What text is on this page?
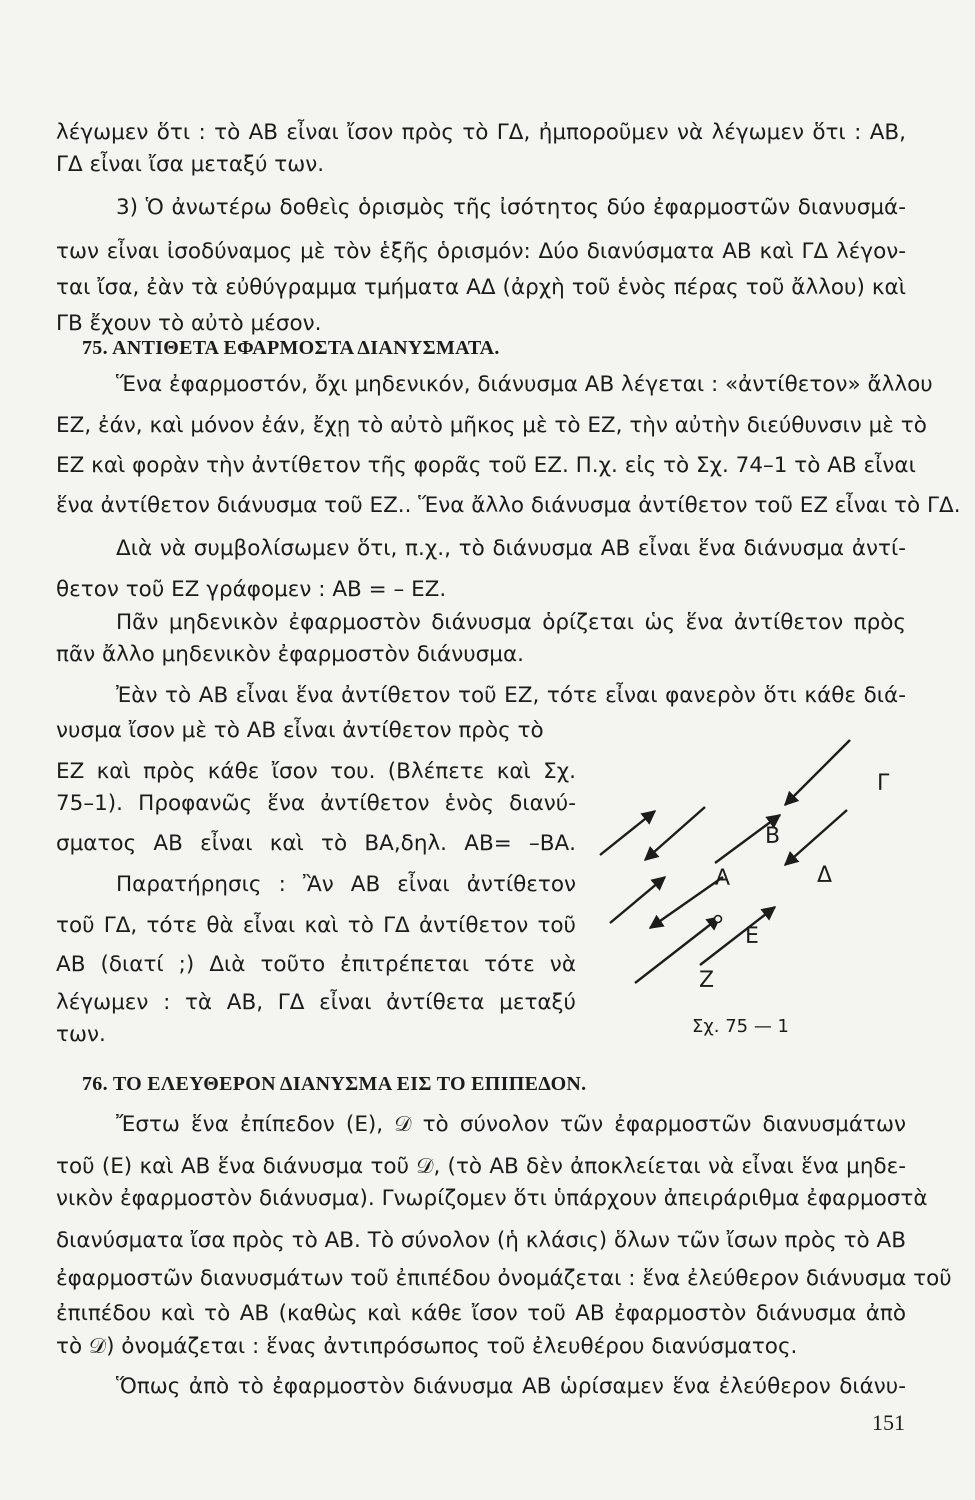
λέγωμεν ὅτι : τὸ ΑΒ εἶναι ἴσον πρὸς τὸ ΓΔ, ἠμποροῦμεν νὰ λέγωμεν ὅτι : ΑΒ,
ΓΔ εἶναι ἴσα μεταξύ των.
3) Ὁ ἀνωτέρω δοθεὶς ὁρισμὸς τῆς ἰσότητος δύο ἐφαρμοστῶν διανυσμά-
των εἶναι ἰσοδύναμος μὲ τὸν ἑξῆς ὁρισμόν: Δύο διανύσματα ΑΒ καὶ ΓΔ λέγον-
ται ἴσα, ἐὰν τὰ εὐθύγραμμα τμήματα ΑΔ (ἀρχὴ τοῦ ἑνὸς πέρας τοῦ ἄλλου) καὶ
ΓΒ ἔχουν τὸ αὐτὸ μέσον.
75. ΑΝΤΙΘΕΤΑ ΕΦΑΡΜΟΣΤΑ ΔΙΑΝΥΣΜΑΤΑ.
Ἕνα ἐφαρμοστόν, ὄχι μηδενικόν, διάνυσμα ΑΒ λέγεται : «ἀντίθετον» ἄλλου
ΕΖ, ἐάν, καὶ μόνον ἐάν, ἔχῃ τὸ αὐτὸ μῆκος μὲ τὸ ΕΖ, τὴν αὐτὴν διεύθυνσιν μὲ τὸ
ΕΖ καὶ φορὰν τὴν ἀντίθετον τῆς φορᾶς τοῦ ΕΖ. Π.χ. εἰς τὸ Σχ. 74–1 τὸ ΑΒ εἶναι
ἕνα ἀντίθετον διάνυσμα τοῦ ΕΖ.. Ἕνα ἄλλο διάνυσμα ἀντίθετον τοῦ ΕΖ εἶναι τὸ ΓΔ.
Διὰ νὰ συμβολίσωμεν ὅτι, π.χ., τὸ διάνυσμα ΑΒ εἶναι ἕνα διάνυσμα ἀντί-
θετον τοῦ ΕΖ γράφομεν : ΑΒ = – ΕΖ.
Πᾶν μηδενικὸν ἐφαρμοστὸν διάνυσμα ὁρίζεται ὡς ἕνα ἀντίθετον πρὸς
πᾶν ἄλλο μηδενικὸν ἐφαρμοστὸν διάνυσμα.
Ἐὰν τὸ ΑΒ εἶναι ἕνα ἀντίθετον τοῦ ΕΖ, τότε εἶναι φανερὸν ὅτι κάθε διά-
νυσμα ἴσον μὲ τὸ ΑΒ εἶναι ἀντίθετον πρὸς τὸ
ΕΖ καὶ πρὸς κάθε ἴσον του. (Βλέπετε καὶ Σχ.
75–1). Προφανῶς ἕνα ἀντίθετον ἑνὸς διανύ-
σματος ΑΒ εἶναι καὶ τὸ ΒΑ,δηλ. ΑΒ= –ΒΑ.
Παρατήρησις : Ἂν ΑΒ εἶναι ἀντίθετον
τοῦ ΓΔ, τότε θὰ εἶναι καὶ τὸ ΓΔ ἀντίθετον τοῦ
ΑΒ (διατί ;) Διὰ τοῦτο ἐπιτρέπεται τότε νὰ
λέγωμεν : τὰ ΑΒ, ΓΔ εἶναι ἀντίθετα μεταξύ
των.
76. ΤΟ ΕΛΕΥΘΕΡΟΝ ΔΙΑΝΥΣΜΑ ΕΙΣ ΤΟ ΕΠΙΠΕΔΟΝ.
Ἔστω ἕνα ἐπίπεδον (Ε), 𝒟 τὸ σύνολον τῶν ἐφαρμοστῶν διανυσμάτων
τοῦ (Ε) καὶ ΑΒ ἕνα διάνυσμα τοῦ 𝒟, (τὸ ΑΒ δὲν ἀποκλείεται νὰ εἶναι ἕνα μηδε-
νικὸν ἐφαρμοστὸν διάνυσμα). Γνωρίζομεν ὅτι ὑπάρχουν ἀπειράριθμα ἐφαρμοστὰ
διανύσματα ἴσα πρὸς τὸ ΑΒ. Τὸ σύνολον (ἡ κλάσις) ὅλων τῶν ἴσων πρὸς τὸ ΑΒ
ἐφαρμοστῶν διανυσμάτων τοῦ ἐπιπέδου ὀνομάζεται : ἕνα ἐλεύθερον διάνυσμα τοῦ
ἐπιπέδου καὶ τὸ ΑΒ (καθὼς καὶ κάθε ἴσον τοῦ ΑΒ ἐφαρμοστὸν διάνυσμα ἀπὸ
τὸ 𝒟) ὀνομάζεται : ἕνας ἀντιπρόσωπος τοῦ ἐλευθέρου διανύσματος.
Ὅπως ἀπὸ τὸ ἐφαρμοστὸν διάνυσμα ΑΒ ὡρίσαμεν ἕνα ἐλεύθερον διάνυ-
Γ
Β
Δ
Α
Ε
Ζ
Σχ. 75 — 1
151
